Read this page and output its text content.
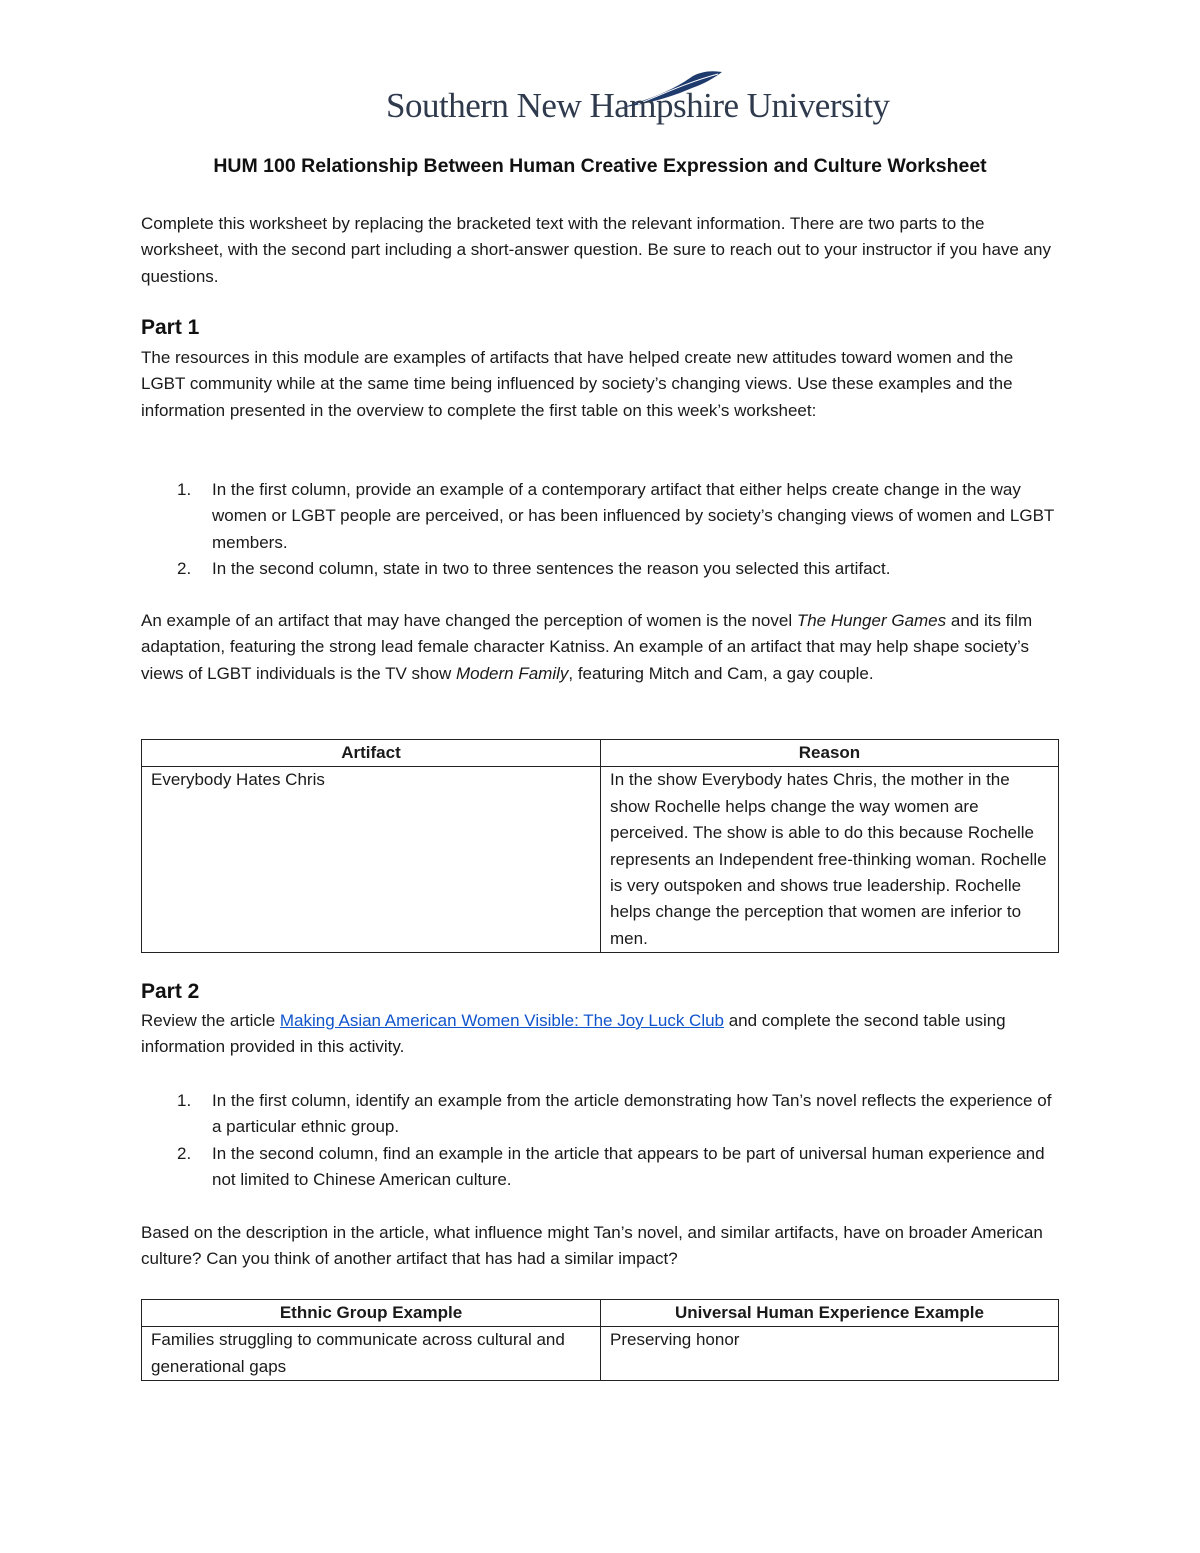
Southern New Hampshire University
HUM 100 Relationship Between Human Creative Expression and Culture Worksheet

Complete this worksheet by replacing the bracketed text with the relevant information. There are two parts to the worksheet, with the second part including a short-answer question. Be sure to reach out to your instructor if you have any questions.

Part 1

The resources in this module are examples of artifacts that have helped create new attitudes toward women and the LGBT community while at the same time being influenced by society’s changing views. Use these examples and the information presented in the overview to complete the first table on this week’s worksheet:

1. In the first column, provide an example of a contemporary artifact that either helps create change in the way women or LGBT people are perceived, or has been influenced by society’s changing views of women and LGBT members.
2. In the second column, state in two to three sentences the reason you selected this artifact.

An example of an artifact that may have changed the perception of women is the novel The Hunger Games and its film adaptation, featuring the strong lead female character Katniss. An example of an artifact that may help shape society’s views of LGBT individuals is the TV show Modern Family, featuring Mitch and Cam, a gay couple.

Artifact	Reason
Everybody Hates Chris	In the show Everybody hates Chris, the mother in the show Rochelle helps change the way women are perceived. The show is able to do this because Rochelle represents an Independent free-thinking woman. Rochelle is very outspoken and shows true leadership. Rochelle helps change the perception that women are inferior to men.
Part 2

Review the article Making Asian American Women Visible: The Joy Luck Club and complete the second table using information provided in this activity.

1. In the first column, identify an example from the article demonstrating how Tan’s novel reflects the experience of a particular ethnic group.
2. In the second column, find an example in the article that appears to be part of universal human experience and not limited to Chinese American culture.

Based on the description in the article, what influence might Tan’s novel, and similar artifacts, have on broader American culture? Can you think of another artifact that has had a similar impact?

Ethnic Group Example	Universal Human Experience Example
Families struggling to communicate across cultural and generational gaps	Preserving honor
